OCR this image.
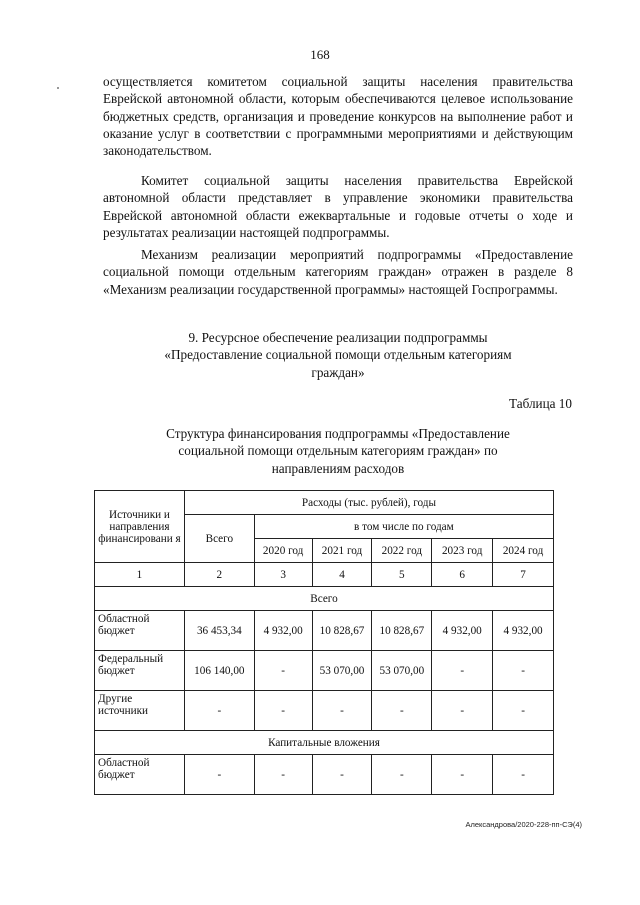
168

осуществляется комитетом социальной защиты населения правительства Еврейской автономной области, которым обеспечиваются целевое использование бюджетных средств, организация и проведение конкурсов на выполнение работ и оказание услуг в соответствии с программными мероприятиями и действующим законодательством.

Комитет социальной защиты населения правительства Еврейской автономной области представляет в управление экономики правительства Еврейской автономной области ежеквартальные и годовые отчеты о ходе и результатах реализации настоящей подпрограммы.

Механизм реализации мероприятий подпрограммы «Предоставление социальной помощи отдельным категориям граждан» отражен в разделе 8 «Механизм реализации государственной программы» настоящей Госпрограммы.

9. Ресурсное обеспечение реализации подпрограммы «Предоставление социальной помощи отдельным категориям граждан»

Таблица 10

Структура финансирования подпрограммы «Предоставление социальной помощи отдельным категориям граждан» по направлениям расходов

Источники и направления финансировани я	Расходы (тыс. рублей), годы					
	Всего	в том числе по годам				
		2020 год	2021 год	2022 год	2023 год	2024 год
1	2	3	4	5	6	7
Всего						
Областной бюджет	36 453,34	4 932,00	10 828,67	10 828,67	4 932,00	4 932,00
Федеральный бюджет	106 140,00	-	53 070,00	53 070,00	-	-
Другие источники	-	-	-	-	-	-
Капитальные вложения						
Областной бюджет	-	-	-	-	-	-
Александрова/2020-228-пп-СЭ(4)
